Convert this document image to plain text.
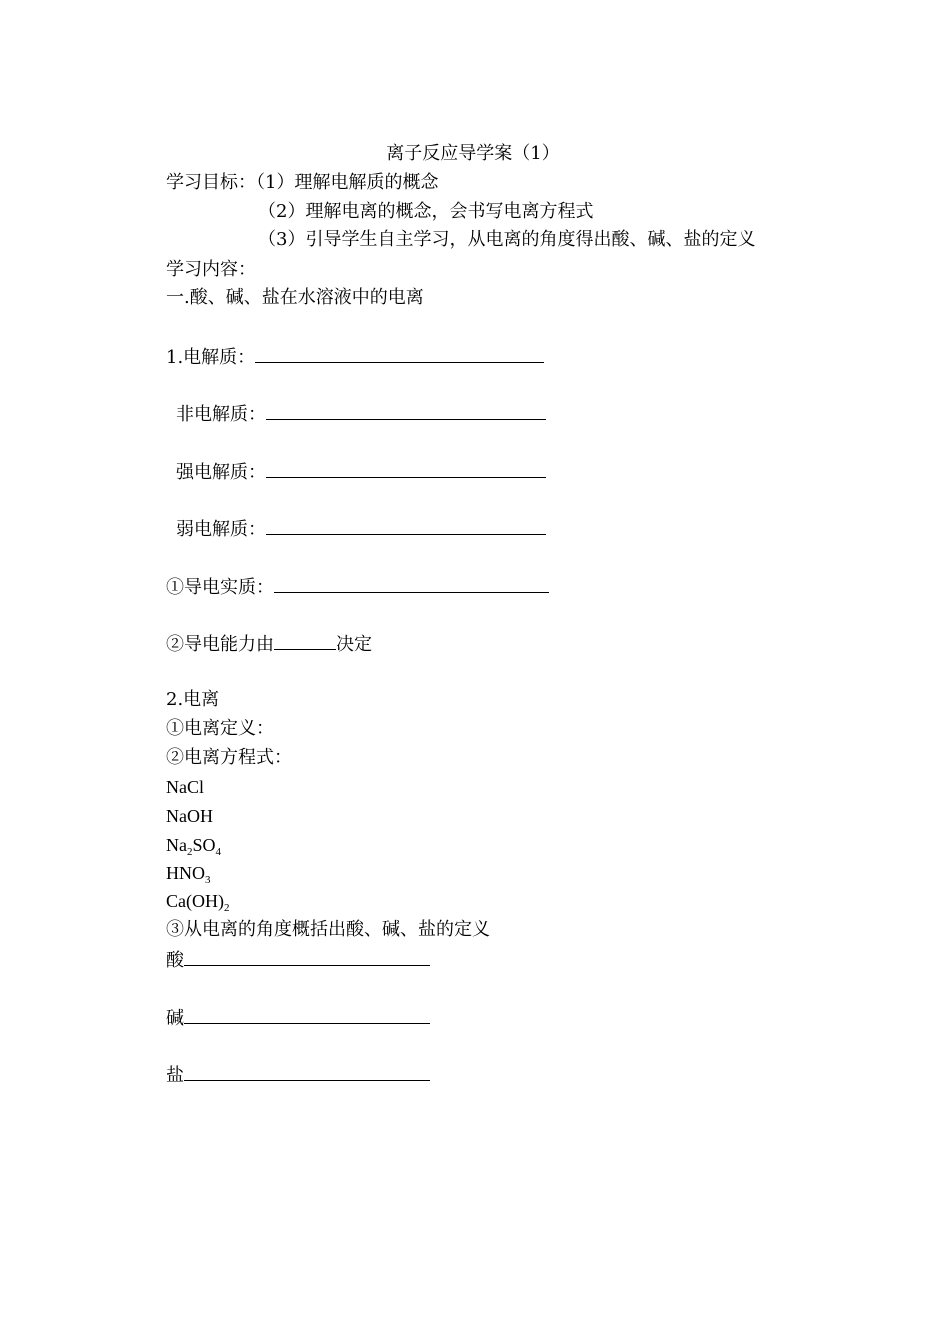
离子反应导学案（1）
学习目标：（1）理解电解质的概念
（2）理解电离的概念，会书写电离方程式
（3）引导学生自主学习，从电离的角度得出酸、碱、盐的定义
学习内容：
一.酸、碱、盐在水溶液中的电离
1.电解质：
非电解质：
强电解质：
弱电解质：
①导电实质：
②导电能力由	决定
2.电离
①电离定义：
②电离方程式：
NaCl
NaOH
$Na_2SO_4$
$HNO_3$
$Ca(OH)_2$
③从电离的角度概括出酸、碱、盐的定义
酸
碱
盐
